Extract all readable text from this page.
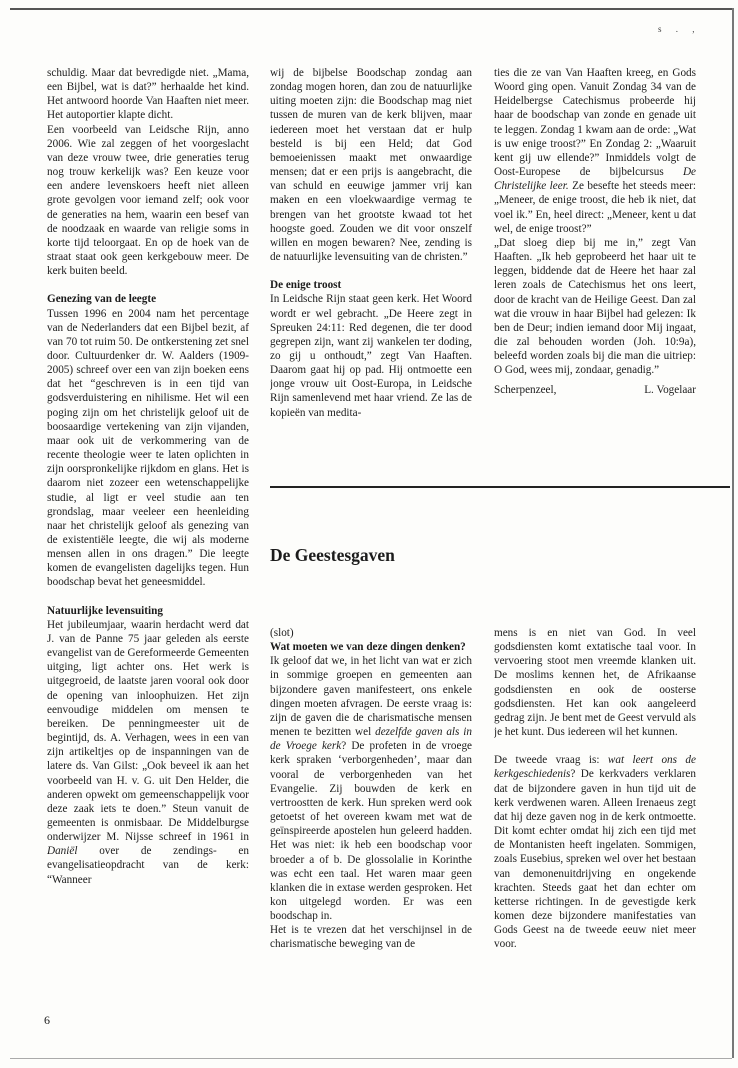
s . ,

schuldig. Maar dat bevredigde niet. „Mama, een Bijbel, wat is dat?” herhaalde het kind. Het antwoord hoorde Van Haaften niet meer. Het autoportier klapte dicht.

Een voorbeeld van Leidsche Rijn, anno 2006. Wie zal zeggen of het voorgeslacht van deze vrouw twee, drie generaties terug nog trouw kerkelijk was? Een keuze voor een andere levenskoers heeft niet alleen grote gevolgen voor iemand zelf; ook voor de generaties na hem, waarin een besef van de noodzaak en waarde van religie soms in korte tijd teloorgaat. En op de hoek van de straat staat ook geen kerkgebouw meer. De kerk buiten beeld.

Genezing van de leegte

Tussen 1996 en 2004 nam het percentage van de Nederlanders dat een Bijbel bezit, af van 70 tot ruim 50. De ontkerstening zet snel door. Cultuurdenker dr. W. Aalders (1909-2005) schreef over een van zijn boeken eens dat het “geschreven is in een tijd van godsverduistering en nihilisme. Het wil een poging zijn om het christelijk geloof uit de boosaardige vertekening van zijn vijanden, maar ook uit de verkommering van de recente theologie weer te laten oplichten in zijn oorspronkelijke rijkdom en glans. Het is daarom niet zozeer een wetenschappelijke studie, al ligt er veel studie aan ten grondslag, maar veeleer een heenleiding naar het christelijk geloof als genezing van de existentiële leegte, die wij als moderne mensen allen in ons dragen.” Die leegte komen de evangelisten dagelijks tegen. Hun boodschap bevat het geneesmiddel.

Natuurlijke levensuiting

Het jubileumjaar, waarin herdacht werd dat J. van de Panne 75 jaar geleden als eerste evangelist van de Gereformeerde Gemeenten uitging, ligt achter ons. Het werk is uitgegroeid, de laatste jaren vooral ook door de opening van inloophuizen. Het zijn eenvoudige middelen om mensen te bereiken. De penningmeester uit de begintijd, ds. A. Verhagen, wees in een van zijn artikeltjes op de inspanningen van de latere ds. Van Gilst: „Ook beveel ik aan het voorbeeld van H. v. G. uit Den Helder, die anderen opwekt om gemeenschappelijk voor deze zaak iets te doen.” Steun vanuit de gemeenten is onmisbaar. De Middelburgse onderwijzer M. Nijsse schreef in 1961 in Daniël over de zendings- en evangelisatieopdracht van de kerk: “Wanneer

wij de bijbelse Boodschap zondag aan zondag mogen horen, dan zou de natuurlijke uiting moeten zijn: die Boodschap mag niet tussen de muren van de kerk blijven, maar iedereen moet het verstaan dat er hulp besteld is bij een Held; dat God bemoeienissen maakt met onwaardige mensen; dat er een prijs is aangebracht, die van schuld en eeuwige jammer vrij kan maken en een vloekwaardige vermag te brengen van het grootste kwaad tot het hoogste goed. Zouden we dit voor onszelf willen en mogen bewaren? Nee, zending is de natuurlijke levensuiting van de christen.”

De enige troost

In Leidsche Rijn staat geen kerk. Het Woord wordt er wel gebracht. „De Heere zegt in Spreuken 24:11: Red degenen, die ter dood gegrepen zijn, want zij wankelen ter doding, zo gij u onthoudt,” zegt Van Haaften. Daarom gaat hij op pad. Hij ontmoette een jonge vrouw uit Oost-Europa, in Leidsche Rijn samenlevend met haar vriend. Ze las de kopieën van medita-

ties die ze van Van Haaften kreeg, en Gods Woord ging open. Vanuit Zondag 34 van de Heidelbergse Catechismus probeerde hij haar de boodschap van zonde en genade uit te leggen. Zondag 1 kwam aan de orde: „Wat is uw enige troost?” En Zondag 2: „Waaruit kent gij uw ellende?” Inmiddels volgt de Oost-Europese de bijbelcursus De Christelijke leer. Ze besefte het steeds meer: „Meneer, de enige troost, die heb ik niet, dat voel ik.” En, heel direct: „Meneer, kent u dat wel, de enige troost?”

„Dat sloeg diep bij me in,” zegt Van Haaften. „Ik heb geprobeerd het haar uit te leggen, biddende dat de Heere het haar zal leren zoals de Catechismus het ons leert, door de kracht van de Heilige Geest. Dan zal wat die vrouw in haar Bijbel had gelezen: Ik ben de Deur; indien iemand door Mij ingaat, die zal behouden worden (Joh. 10:9a), beleefd worden zoals bij die man die uitriep: O God, wees mij, zondaar, genadig.”

Scherpenzeel,	L. Vogelaar
De Geestesgaven

(slot)

Wat moeten we van deze dingen denken?

Ik geloof dat we, in het licht van wat er zich in sommige groepen en gemeenten aan bijzondere gaven manifesteert, ons enkele dingen moeten afvragen. De eerste vraag is: zijn de gaven die de charismatische mensen menen te bezitten wel dezelfde gaven als in de Vroege kerk? De profeten in de vroege kerk spraken ‘verborgenheden’, maar dan vooral de verborgenheden van het Evangelie. Zij bouwden de kerk en vertroostten de kerk. Hun spreken werd ook getoetst of het overeen kwam met wat de geïnspireerde apostelen hun geleerd hadden. Het was niet: ik heb een boodschap voor broeder a of b. De glossolalie in Korinthe was echt een taal. Het waren maar geen klanken die in extase werden gesproken. Het kon uitgelegd worden. Er was een boodschap in.

Het is te vrezen dat het verschijnsel in de charismatische beweging van de

mens is en niet van God. In veel godsdiensten komt extatische taal voor. In vervoering stoot men vreemde klanken uit. De moslims kennen het, de Afrikaanse godsdiensten en ook de oosterse godsdiensten. Het kan ook aangeleerd gedrag zijn. Je bent met de Geest vervuld als je het kunt. Dus iedereen wil het kunnen.

De tweede vraag is: wat leert ons de kerkgeschiedenis? De kerkvaders verklaren dat de bijzondere gaven in hun tijd uit de kerk verdwenen waren. Alleen Irenaeus zegt dat hij deze gaven nog in de kerk ontmoette. Dit komt echter omdat hij zich een tijd met de Montanisten heeft ingelaten. Sommigen, zoals Eusebius, spreken wel over het bestaan van demonenuitdrijving en ongekende krachten. Steeds gaat het dan echter om ketterse richtingen. In de gevestigde kerk komen deze bijzondere manifestaties van Gods Geest na de tweede eeuw niet meer voor.

6
